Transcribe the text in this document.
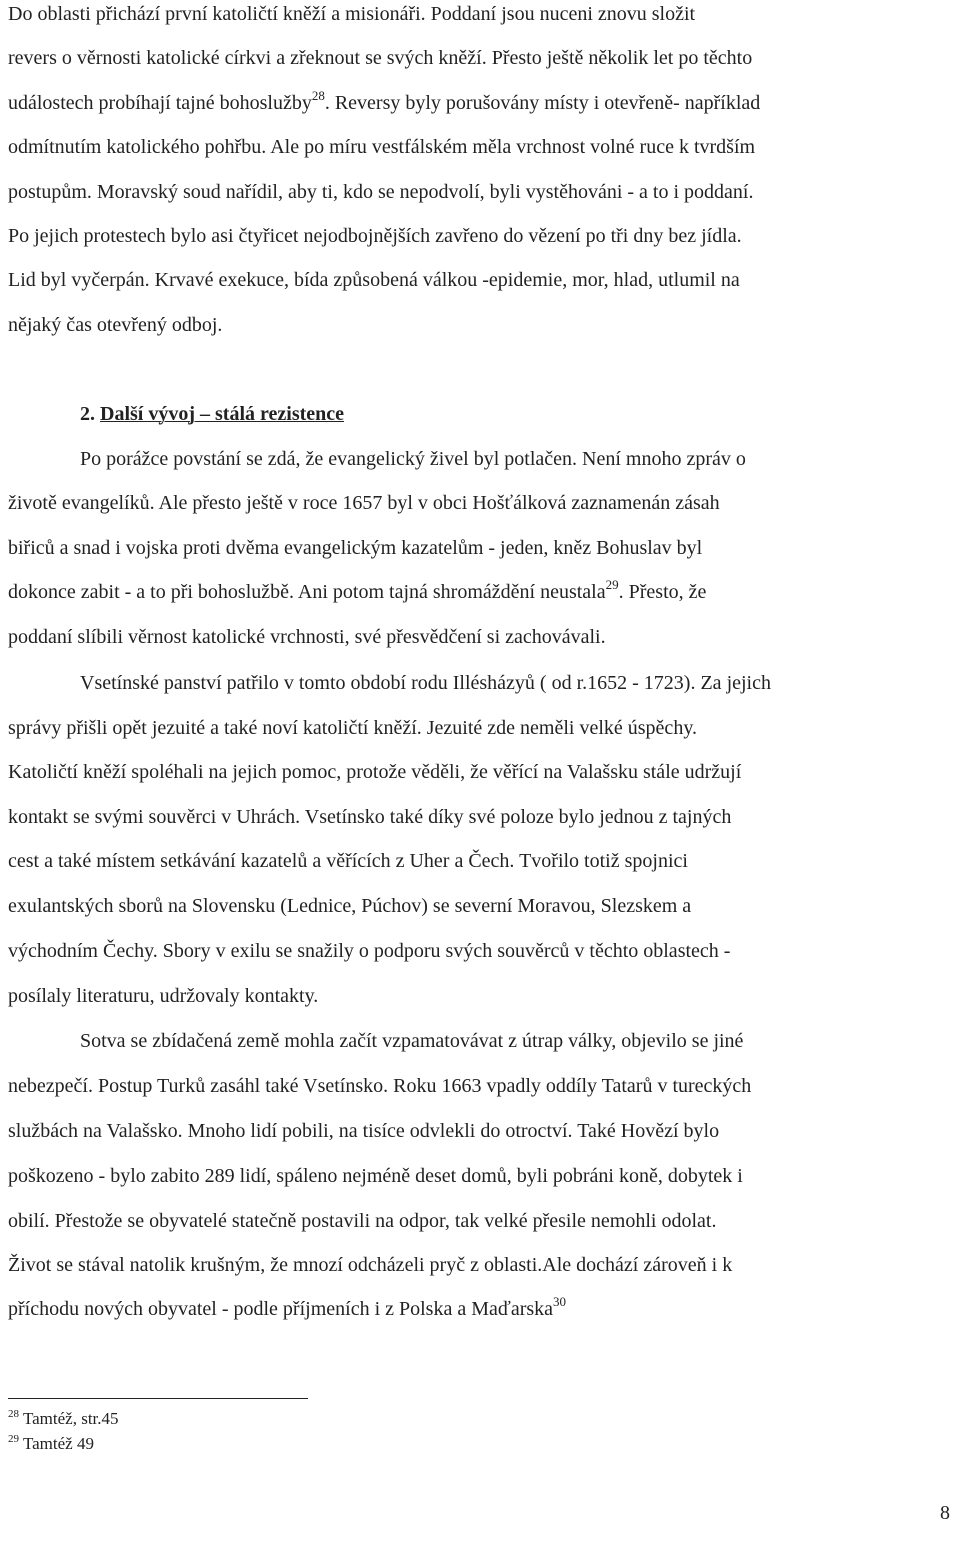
Do oblasti přichází první katoličtí kněží a misionáři. Poddaní jsou nuceni znovu složit
revers o věrnosti katolické církvi a zřeknout se svých kněží. Přesto ještě několik let po těchto
událostech probíhají tajné bohoslužby$^{28}$. Reversy byly porušovány místy i otevřeně- například
odmítnutím katolického pohřbu. Ale po míru vestfálském měla vrchnost volné ruce k tvrdším
postupům. Moravský soud nařídil, aby ti, kdo se nepodvolí, byli vystěhováni - a to i poddaní.
Po jejich protestech bylo asi čtyřicet nejodbojnějších zavřeno do vězení po tři dny bez jídla.
Lid byl vyčerpán. Krvavé exekuce, bída způsobená válkou -epidemie, mor, hlad, utlumil na
nějaký čas otevřený odboj.
2. Další vývoj – stálá rezistence
Po porážce povstání se zdá, že evangelický živel byl potlačen. Není mnoho zpráv o
životě evangelíků. Ale přesto ještě v roce 1657 byl v obci Hošťálková zaznamenán zásah
biřiců a snad i vojska proti dvěma evangelickým kazatelům - jeden, kněz Bohuslav byl
dokonce zabit - a to při bohoslužbě. Ani potom tajná shromáždění neustala$^{29}$. Přesto, že
poddaní slíbili věrnost katolické vrchnosti, své přesvědčení si zachovávali.
Vsetínské panství patřilo v tomto období rodu Illésházyů ( od r.1652 - 1723). Za jejich
správy přišli opět jezuité a také noví katoličtí kněží. Jezuité zde neměli velké úspěchy.
Katoličtí kněží spoléhali na jejich pomoc, protože věděli, že věřící na Valašsku stále udržují
kontakt se svými souvěrci v Uhrách. Vsetínsko také díky své poloze bylo jednou z tajných
cest a také místem setkávání kazatelů a věřících z Uher a Čech. Tvořilo totiž spojnici
exulantských sborů na Slovensku (Lednice, Púchov) se severní Moravou, Slezskem a
východním Čechy. Sbory v exilu se snažily o podporu svých souvěrců v těchto oblastech -
posílaly literaturu, udržovaly kontakty.
Sotva se zbídačená země mohla začít vzpamatovávat z útrap války, objevilo se jiné
nebezpečí. Postup Turků zasáhl také Vsetínsko. Roku 1663 vpadly oddíly Tatarů v tureckých
službách na Valašsko. Mnoho lidí pobili, na tisíce odvlekli do otroctví. Také Hovězí bylo
poškozeno - bylo zabito 289 lidí, spáleno nejméně deset domů, byli pobráni koně, dobytek i
obilí. Přestože se obyvatelé statečně postavili na odpor, tak velké přesile nemohli odolat.
Život se stával natolik krušným, že mnozí odcházeli pryč z oblasti.Ale dochází zároveň i k
příchodu nových obyvatel - podle příjmeních i z Polska a Maďarska$^{30}$
$^{28}$ Tamtéž, str.45
$^{29}$ Tamtéž 49
8
